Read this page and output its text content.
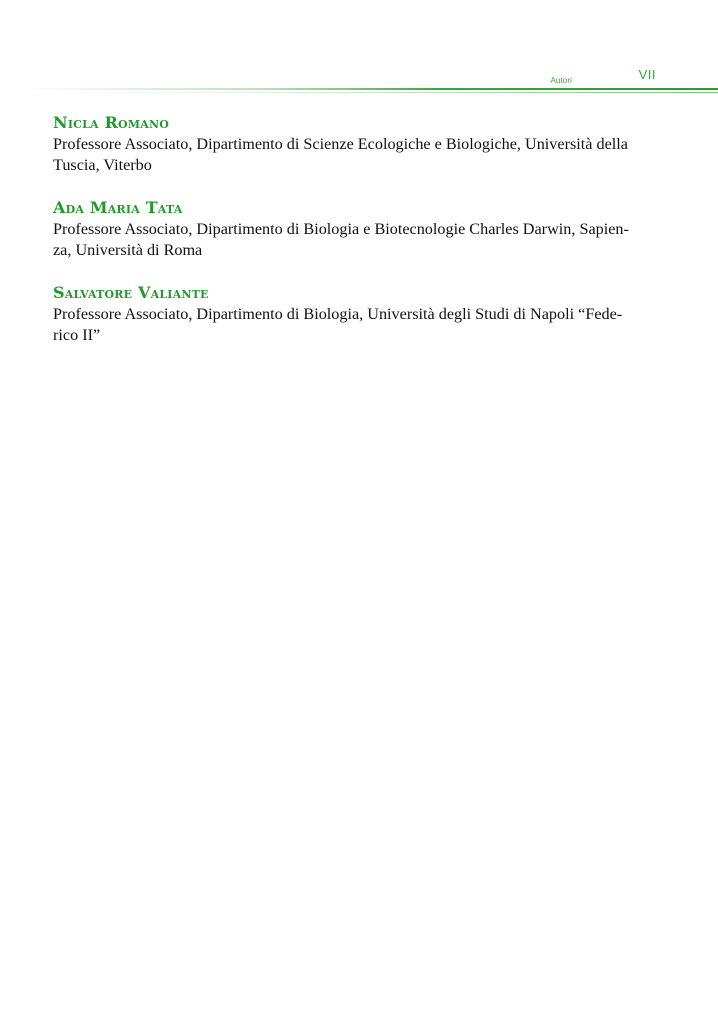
Autori	VII

Nicla Romano

Professore Associato, Dipartimento di Scienze Ecologiche e Biologiche, Università della

Tuscia, Viterbo

Ada Maria Tata

Professore Associato, Dipartimento di Biologia e Biotecnologie Charles Darwin, Sapien-

za, Università di Roma

Salvatore Valiante

Professore Associato, Dipartimento di Biologia, Università degli Studi di Napoli “Fede-

rico II”
